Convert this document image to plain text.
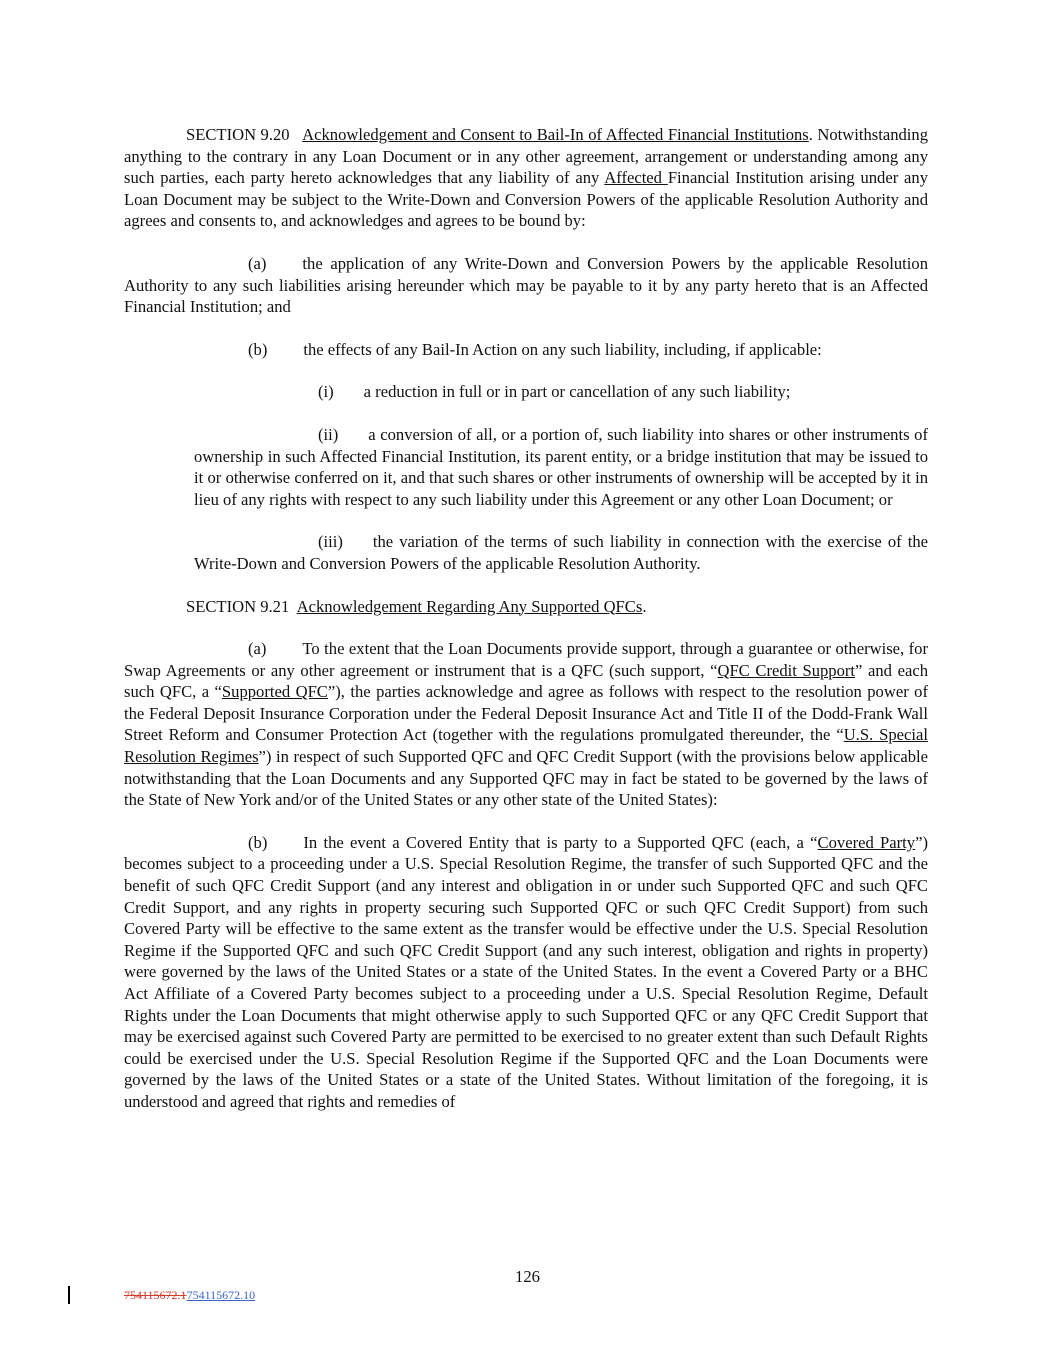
SECTION 9.20 Acknowledgement and Consent to Bail-In of Affected Financial Institutions. Notwithstanding anything to the contrary in any Loan Document or in any other agreement, arrangement or understanding among any such parties, each party hereto acknowledges that any liability of any Affected Financial Institution arising under any Loan Document may be subject to the Write-Down and Conversion Powers of the applicable Resolution Authority and agrees and consents to, and acknowledges and agrees to be bound by:

(a) the application of any Write-Down and Conversion Powers by the applicable Resolution Authority to any such liabilities arising hereunder which may be payable to it by any party hereto that is an Affected Financial Institution; and

(b) the effects of any Bail-In Action on any such liability, including, if applicable:

(i) a reduction in full or in part or cancellation of any such liability;

(ii) a conversion of all, or a portion of, such liability into shares or other instruments of ownership in such Affected Financial Institution, its parent entity, or a bridge institution that may be issued to it or otherwise conferred on it, and that such shares or other instruments of ownership will be accepted by it in lieu of any rights with respect to any such liability under this Agreement or any other Loan Document; or

(iii) the variation of the terms of such liability in connection with the exercise of the Write-Down and Conversion Powers of the applicable Resolution Authority.

SECTION 9.21 Acknowledgement Regarding Any Supported QFCs.

(a) To the extent that the Loan Documents provide support, through a guarantee or otherwise, for Swap Agreements or any other agreement or instrument that is a QFC (such support, “QFC Credit Support” and each such QFC, a “Supported QFC”), the parties acknowledge and agree as follows with respect to the resolution power of the Federal Deposit Insurance Corporation under the Federal Deposit Insurance Act and Title II of the Dodd-Frank Wall Street Reform and Consumer Protection Act (together with the regulations promulgated thereunder, the “U.S. Special Resolution Regimes”) in respect of such Supported QFC and QFC Credit Support (with the provisions below applicable notwithstanding that the Loan Documents and any Supported QFC may in fact be stated to be governed by the laws of the State of New York and/or of the United States or any other state of the United States):

(b) In the event a Covered Entity that is party to a Supported QFC (each, a “Covered Party”) becomes subject to a proceeding under a U.S. Special Resolution Regime, the transfer of such Supported QFC and the benefit of such QFC Credit Support (and any interest and obligation in or under such Supported QFC and such QFC Credit Support, and any rights in property securing such Supported QFC or such QFC Credit Support) from such Covered Party will be effective to the same extent as the transfer would be effective under the U.S. Special Resolution Regime if the Supported QFC and such QFC Credit Support (and any such interest, obligation and rights in property) were governed by the laws of the United States or a state of the United States. In the event a Covered Party or a BHC Act Affiliate of a Covered Party becomes subject to a proceeding under a U.S. Special Resolution Regime, Default Rights under the Loan Documents that might otherwise apply to such Supported QFC or any QFC Credit Support that may be exercised against such Covered Party are permitted to be exercised to no greater extent than such Default Rights could be exercised under the U.S. Special Resolution Regime if the Supported QFC and the Loan Documents were governed by the laws of the United States or a state of the United States. Without limitation of the foregoing, it is understood and agreed that rights and remedies of

126
754115672.1754115672.10
